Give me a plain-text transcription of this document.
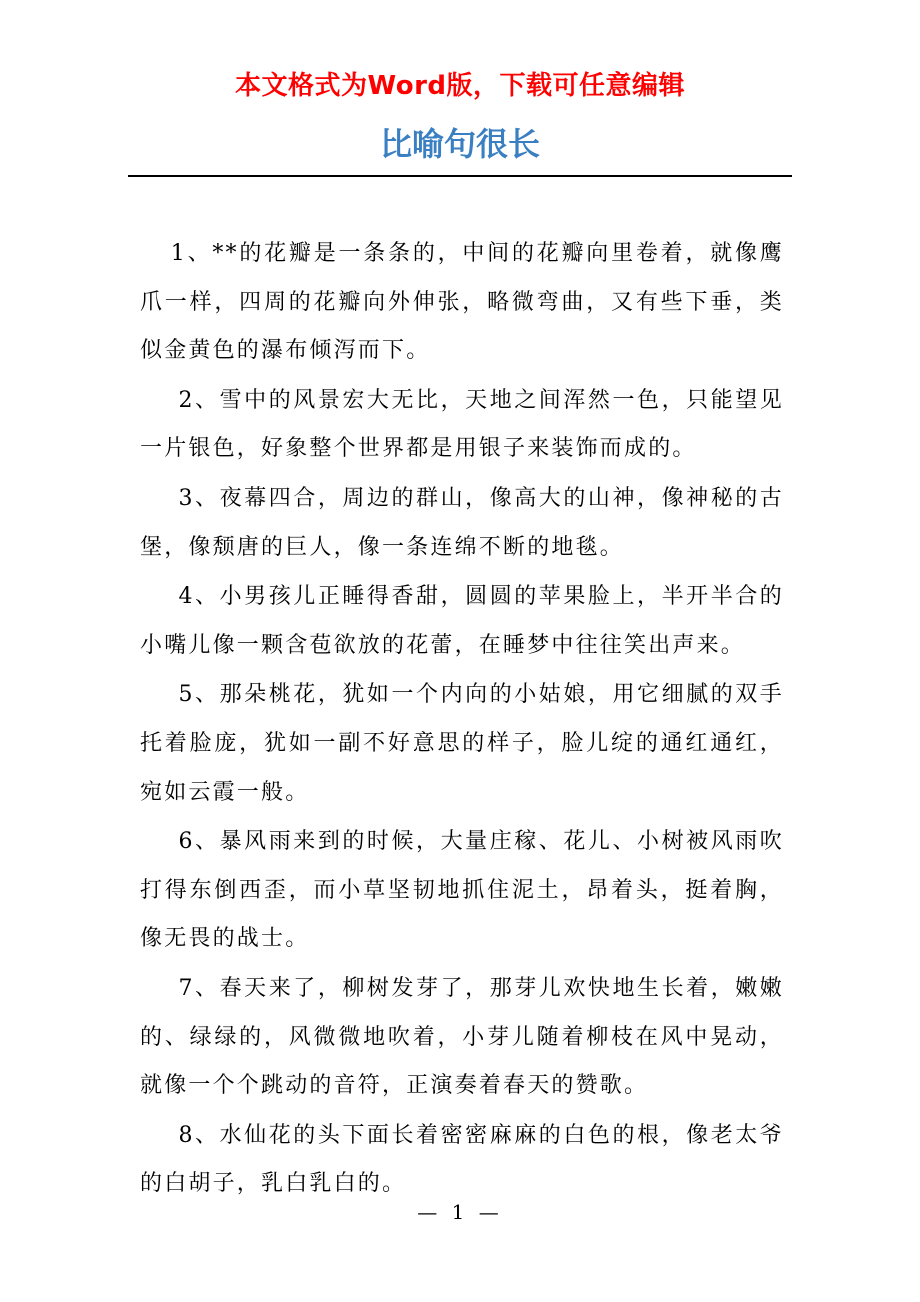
本文格式为Word版，下载可任意编辑
比喻句很长

1、**的花瓣是一条条的，中间的花瓣向里卷着，就像鹰爪一样，四周的花瓣向外伸张，略微弯曲，又有些下垂，类似金黄色的瀑布倾泻而下。

2、雪中的风景宏大无比，天地之间浑然一色，只能望见一片银色，好象整个世界都是用银子来装饰而成的。

3、夜幕四合，周边的群山，像高大的山神，像神秘的古堡，像颓唐的巨人，像一条连绵不断的地毯。

4、小男孩儿正睡得香甜，圆圆的苹果脸上，半开半合的小嘴儿像一颗含苞欲放的花蕾，在睡梦中往往笑出声来。

5、那朵桃花，犹如一个内向的小姑娘，用它细腻的双手托着脸庞，犹如一副不好意思的样子，脸儿绽的通红通红，宛如云霞一般。

6、暴风雨来到的时候，大量庄稼、花儿、小树被风雨吹打得东倒西歪，而小草坚韧地抓住泥土，昂着头，挺着胸，像无畏的战士。

7、春天来了，柳树发芽了，那芽儿欢快地生长着，嫩嫩的、绿绿的，风微微地吹着，小芽儿随着柳枝在风中晃动，就像一个个跳动的音符，正演奏着春天的赞歌。

8、水仙花的头下面长着密密麻麻的白色的根，像老太爷的白胡子，乳白乳白的。

— 1 —
